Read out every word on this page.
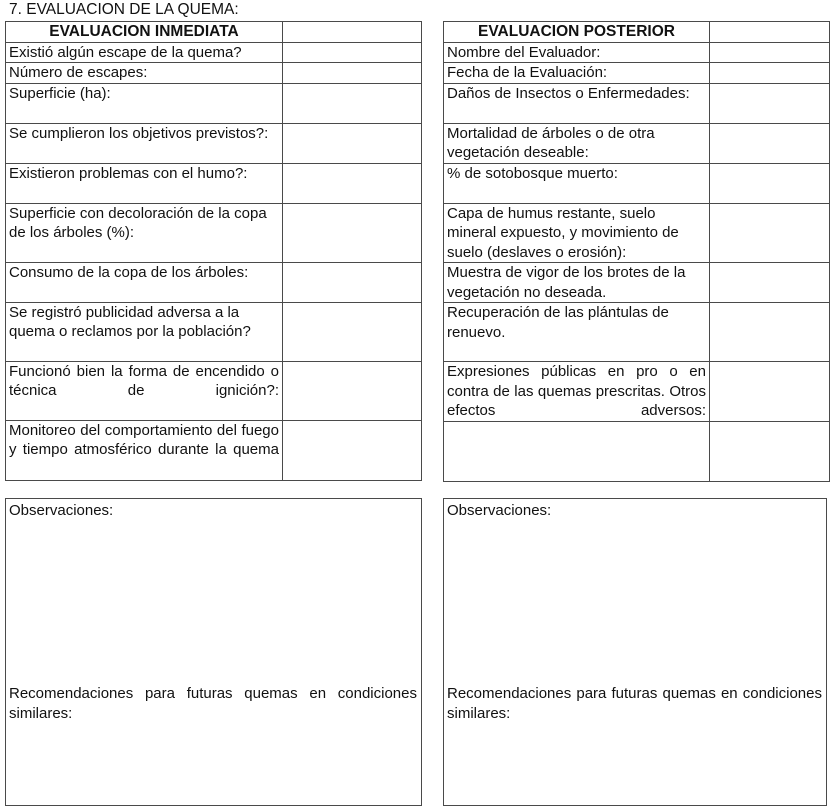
7. EVALUACION DE LA QUEMA:
EVALUACION INMEDIATA	
Existió algún escape de la quema?	
Número de escapes:	
Superficie (ha):	
Se cumplieron los objetivos previstos?:	
Existieron problemas con el humo?:	
Superficie con decoloración de la copa de los árboles (%):	
Consumo de la copa de los árboles:	
Se registró publicidad adversa a la quema o reclamos por la población?	
Funcionó bien la forma de encendido o técnica de ignición?:	
Monitoreo del comportamiento del fuego y tiempo atmosférico durante la quema	
EVALUACION POSTERIOR	
Nombre del Evaluador:	
Fecha de la Evaluación:	
Daños de Insectos o Enfermedades:	
Mortalidad de árboles o de otra vegetación deseable:	
% de sotobosque muerto:	
Capa de humus restante, suelo mineral expuesto, y movimiento de suelo (deslaves o erosión):	
Muestra de vigor de los brotes de la vegetación no deseada.	
Recuperación de las plántulas de renuevo.	
Expresiones públicas en pro o en contra de las quemas prescritas. Otros efectos adversos:	

Observaciones:
Recomendaciones para futuras quemas en condiciones similares:
Observaciones:
Recomendaciones para futuras quemas en condiciones similares:
